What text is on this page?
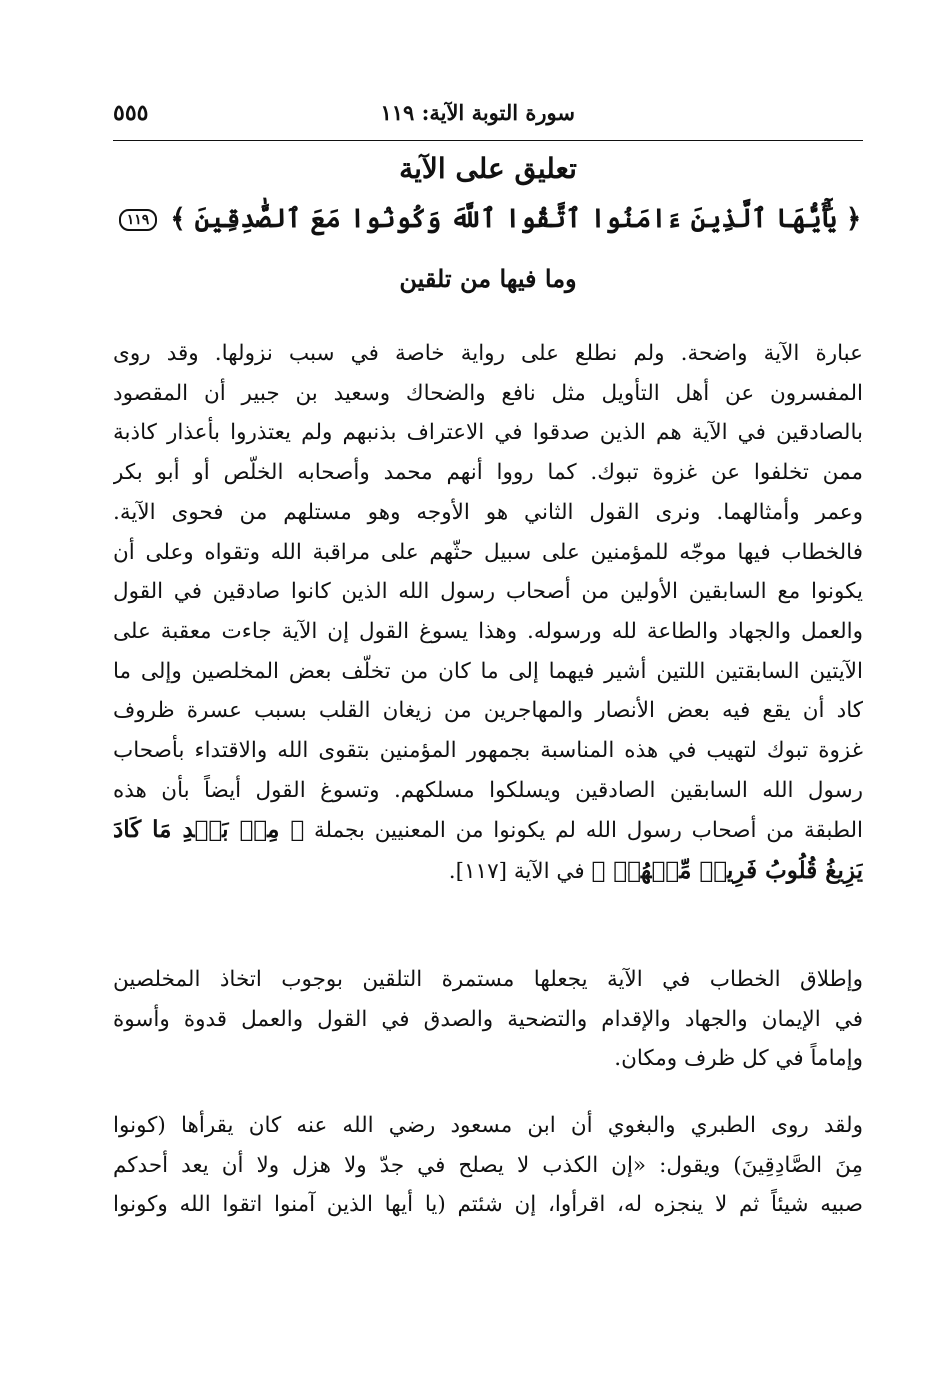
سورة التوبة الآية: ١١٩
٥٥٥
تعليق على الآية
﴿ يَٰٓأَيُّهَا ٱلَّذِينَ ءَامَنُوا ٱتَّقُوا ٱللَّهَ وَكُونُوا مَعَ ٱلصَّٰدِقِينَ ﴾ ١١٩
وما فيها من تلقين
عبارة الآية واضحة. ولم نطلع على رواية خاصة في سبب نزولها. وقد روى
المفسرون عن أهل التأويل مثل نافع والضحاك وسعيد بن جبير أن المقصود
بالصادقين في الآية هم الذين صدقوا في الاعتراف بذنبهم ولم يعتذروا بأعذار كاذبة
ممن تخلفوا عن غزوة تبوك. كما رووا أنهم محمد وأصحابه الخلّص أو أبو بكر
وعمر وأمثالهما. ونرى القول الثاني هو الأوجه وهو مستلهم من فحوى الآية.
فالخطاب فيها موجّه للمؤمنين على سبيل حثّهم على مراقبة الله وتقواه وعلى أن
يكونوا مع السابقين الأولين من أصحاب رسول الله الذين كانوا صادقين في القول
والعمل والجهاد والطاعة لله ورسوله. وهذا يسوغ القول إن الآية جاءت معقبة على
الآيتين السابقتين اللتين أشير فيهما إلى ما كان من تخلّف بعض المخلصين وإلى ما
كاد أن يقع فيه بعض الأنصار والمهاجرين من زيغان القلب بسبب عسرة ظروف
غزوة تبوك لتهيب في هذه المناسبة بجمهور المؤمنين بتقوى الله والاقتداء بأصحاب
رسول الله السابقين الصادقين ويسلكوا مسلكهم. وتسوغ القول أيضاً بأن هذه
الطبقة من أصحاب رسول الله لم يكونوا من المعنيين بجملة ﴿ مِنۢ بَعۡدِ مَا كَادَ
يَزِيغُ قُلُوبُ فَرِيقٖ مِّنۡهُمۡ ﴾ في الآية [١١٧].
وإطلاق الخطاب في الآية يجعلها مستمرة التلقين بوجوب اتخاذ المخلصين
في الإيمان والجهاد والإقدام والتضحية والصدق في القول والعمل قدوة وأسوة
وإماماً في كل ظرف ومكان.
ولقد روى الطبري والبغوي أن ابن مسعود رضي الله عنه كان يقرأها (كونوا
مِنَ الصَّادِقِينَ) ويقول: «إن الكذب لا يصلح في جدّ ولا هزل ولا أن يعد أحدكم
صبيه شيئاً ثم لا ينجزه له، اقرأوا، إن شئتم (يا أيها الذين آمنوا اتقوا الله وكونوا
